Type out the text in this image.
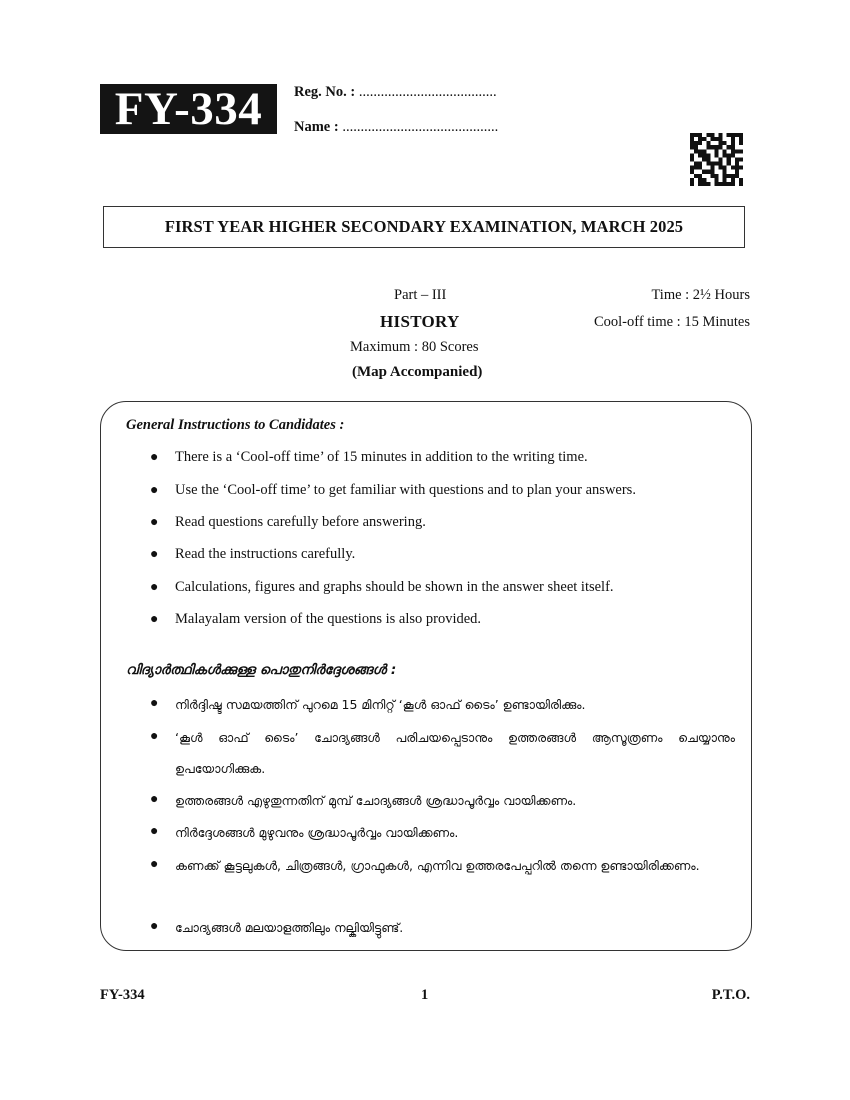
FY-334	Reg. No. : ......................................
Name : ...........................................
FIRST YEAR HIGHER SECONDARY EXAMINATION, MARCH 2025
Part – III
HISTORY
Maximum : 80 Scores
(Map Accompanied)
Time : 2½ Hours
Cool-off time : 15 Minutes
General Instructions to Candidates :
● There is a ‘Cool-off time’ of 15 minutes in addition to the writing time.
● Use the ‘Cool-off time’ to get familiar with questions and to plan your answers.
● Read questions carefully before answering.
● Read the instructions carefully.
● Calculations, figures and graphs should be shown in the answer sheet itself.
● Malayalam version of the questions is also provided.
വിദ്യാർത്ഥികൾക്കുള്ള പൊതുനിർദ്ദേശങ്ങൾ :
● നിർദ്ദിഷ്ട സമയത്തിന് പുറമെ 15 മിനിറ്റ് ‘കൂൾ ഓഫ് ടൈം’ ഉണ്ടായിരിക്കും.
● ‘കൂൾ ഓഫ് ടൈം’ ചോദ്യങ്ങൾ പരിചയപ്പെടാനും ഉത്തരങ്ങൾ ആസൂത്രണം ചെയ്യാനും ഉപയോഗിക്കുക.
● ഉത്തരങ്ങൾ എഴുതുന്നതിന് മുമ്പ് ചോദ്യങ്ങൾ ശ്രദ്ധാപൂർവ്വം വായിക്കണം.
● നിർദ്ദേശങ്ങൾ മുഴുവനും ശ്രദ്ധാപൂർവ്വം വായിക്കണം.
● കണക്ക് കൂട്ടലുകൾ, ചിത്രങ്ങൾ, ഗ്രാഫുകൾ, എന്നിവ ഉത്തരപേപ്പറിൽ തന്നെ ഉണ്ടായിരിക്കണം.
● ചോദ്യങ്ങൾ മലയാളത്തിലും നല്കിയിട്ടുണ്ട്.
FY-334	1	P.T.O.
